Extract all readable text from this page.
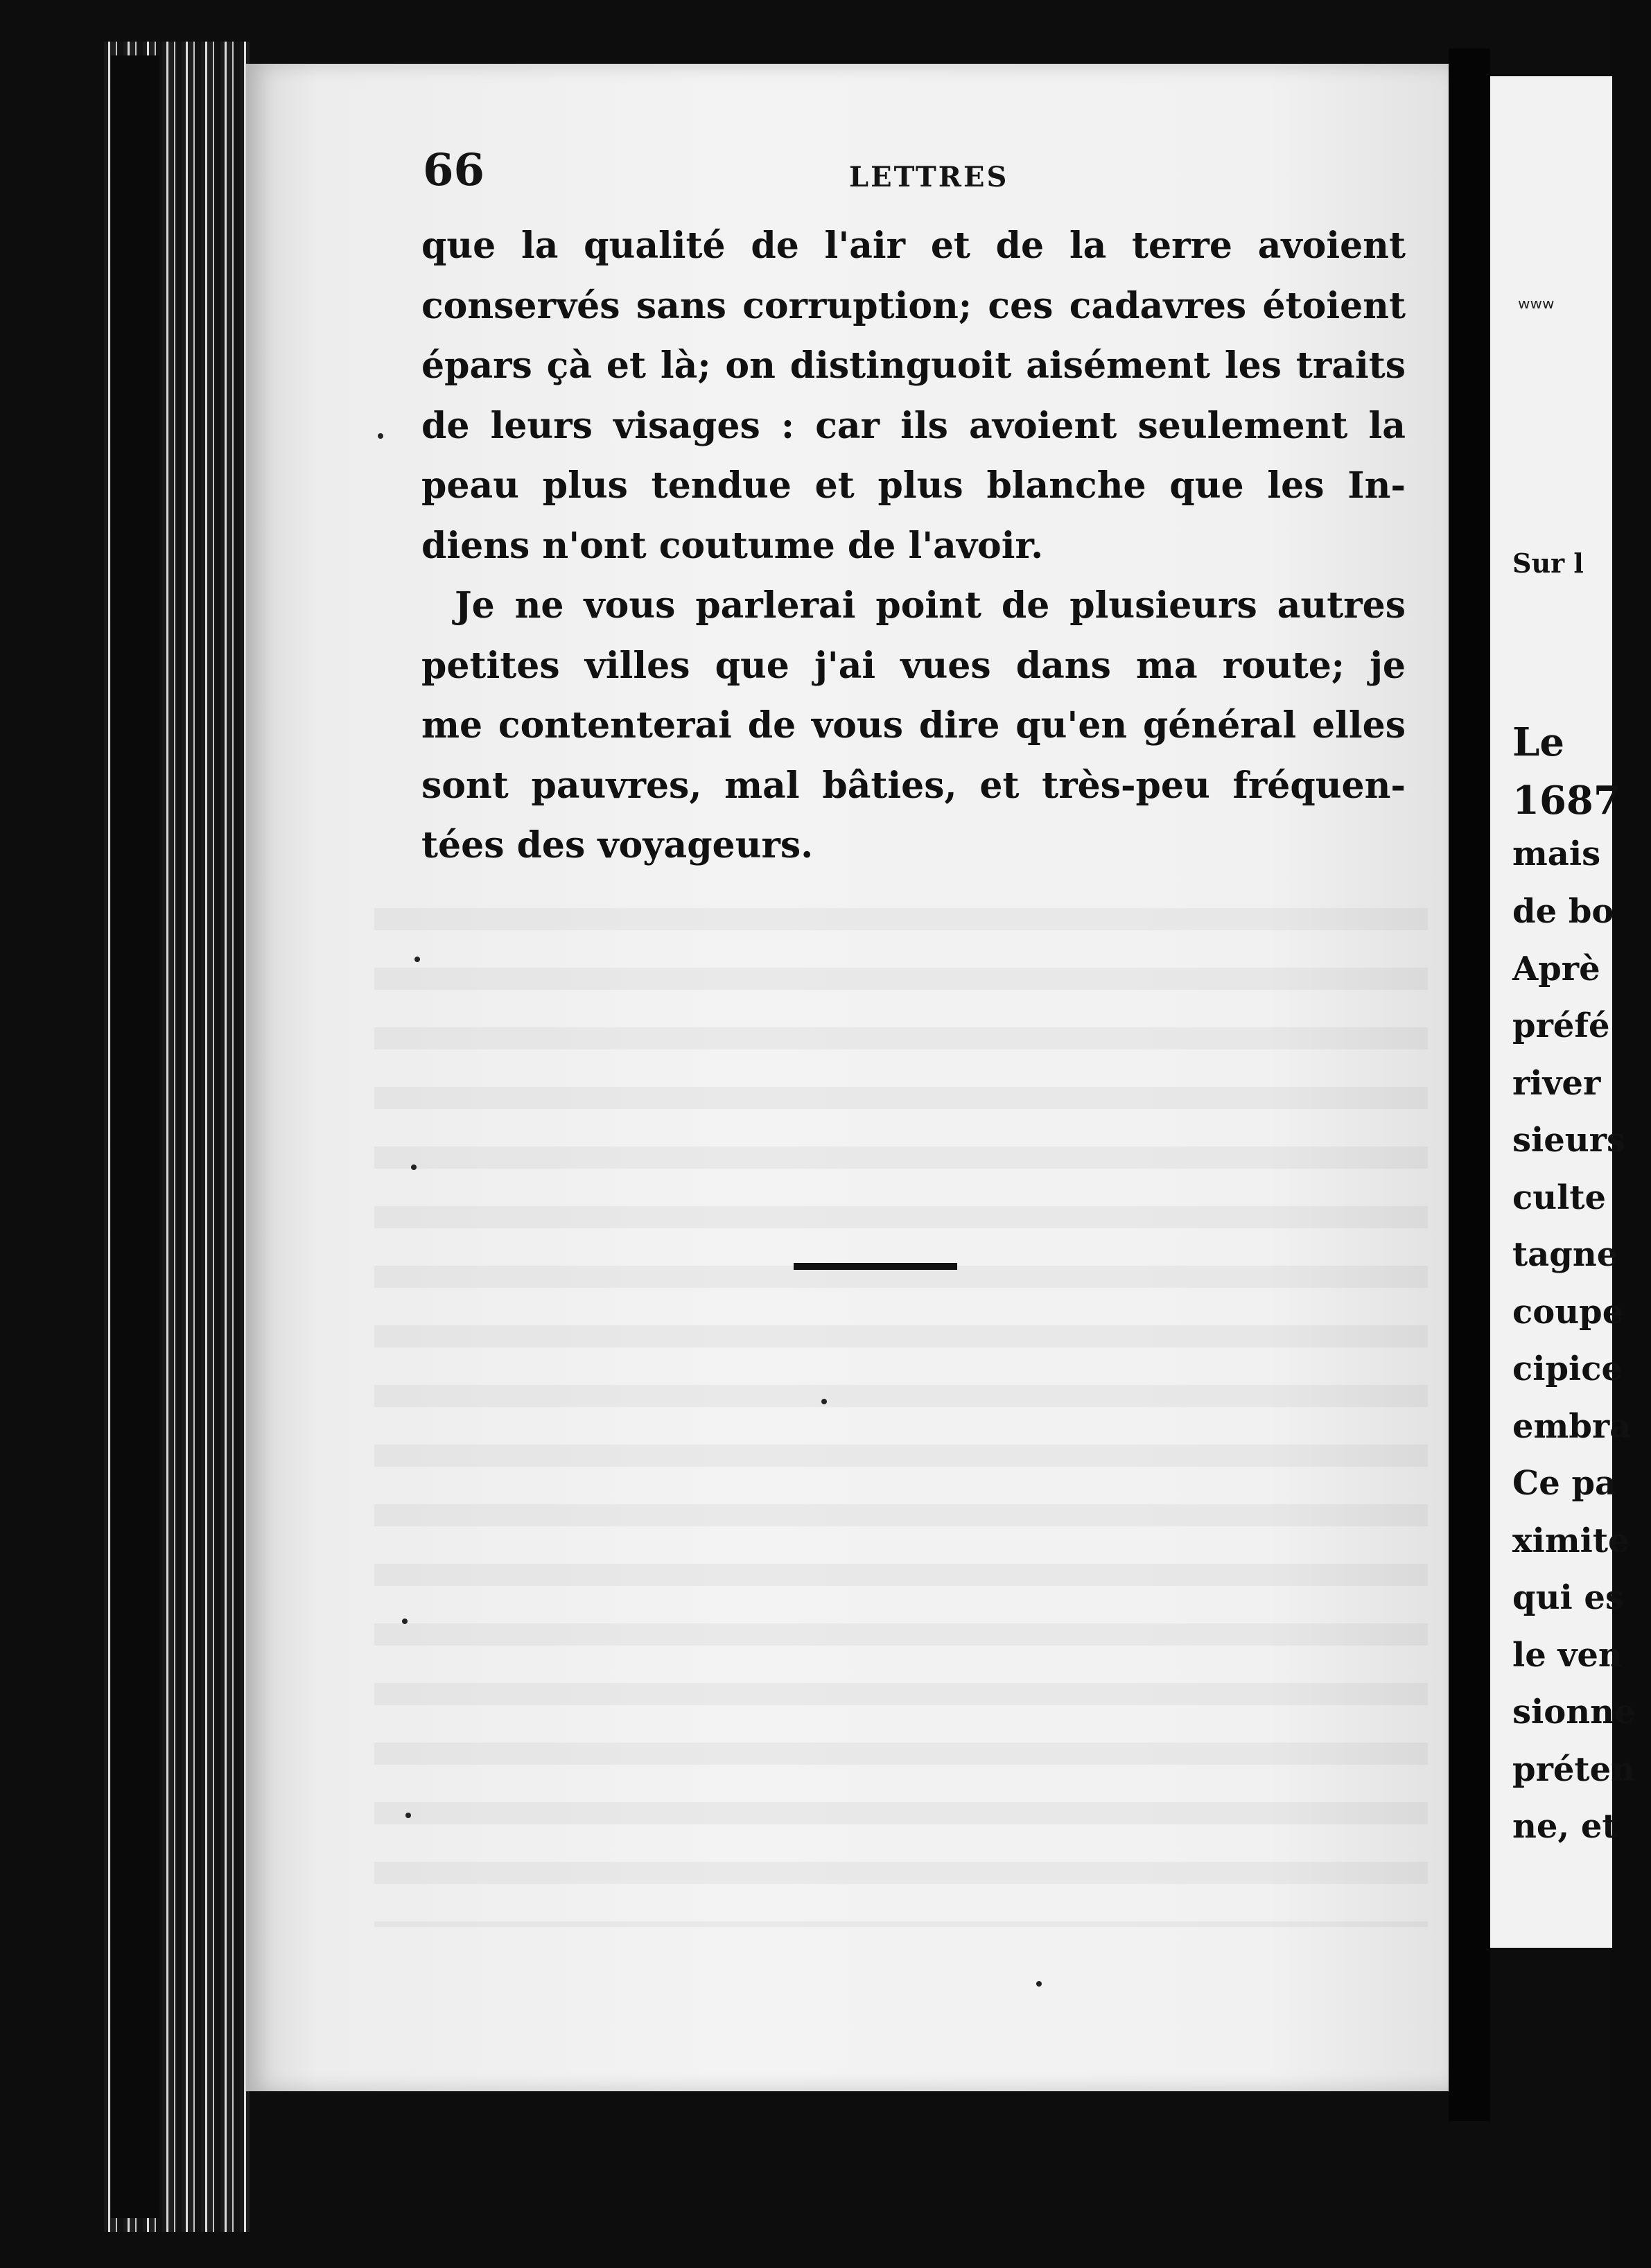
66	LETTRES

que la qualité de l'air et de la terre avoient
conservés sans corruption; ces cadavres étoient
épars çà et là; on distinguoit aisément les traits
de leurs visages : car ils avoient seulement la
peau plus tendue et plus blanche que les In-
diens n'ont coutume de l'avoir.

Je ne vous parlerai point de plusieurs autres
petites villes que j'ai vues dans ma route; je
me contenterai de vous dire qu'en général elles
sont pauvres, mal bâties, et très-peu fréquen-
tées des voyageurs.

ʷʷʷ
Sur l
Le
1687
mais
de bo
Aprè
préfé
river
sieurs
culte
tagne
coupe
cipice
embra
Ce pa
ximite
qui es
le ven
sionne
préten
ne, et
